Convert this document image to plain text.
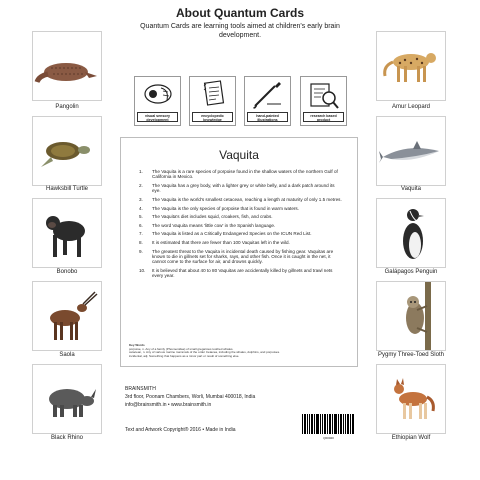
About Quantum Cards
Quantum Cards are learning tools aimed at children's early brain development.
Pangolin
Hawksbill Turtle
Bonobo
Saola
Black Rhino
Amur Leopard
Vaquita
Galápagos Penguin
Pygmy Three-Toed Sloth
Ethiopian Wolf
visual sensory development
encyclopedic knowledge
hand-painted illustrations
research based product
Vaquita
1. The Vaquita is a rare species of porpoise found in the shallow waters of the northern Gulf of California in Mexico.
2. The Vaquita has a grey body, with a lighter grey or white belly, and a dark patch around its eye.
3. The Vaquita is the world's smallest cetacean, reaching a length at maturity of only 1.5 metres.
4. The Vaquita is the only species of porpoise that is found in warm waters.
5. The Vaquita's diet includes squid, croakers, fish, and crabs.
6. The word Vaquita means 'little cow' in the Spanish language.
7. The Vaquita is listed as a Critically Endangered Species on the ICUN Red List.
8. It is estimated that there are fewer than 100 Vaquitas left in the wild.
9. The greatest threat to the Vaquita is incidental death caused by fishing gear. Vaquitas are known to die in gillnets set for sharks, rays, and other fish. Once it is caught in the net, it cannot come to the surface for air, and drowns quickly.
10. It is believed that about 40 to 80 Vaquitas are accidentally killed by gillnets and trawl nets every year.
Key Words
porpoise, n. Any of a family (Phocoenidae) of small gregarious toothed whales.
cetacean, n. Any of various marine mammals of the order Cetacea, including the whales, dolphins, and porpoises.
incidental, adj. Something that happens as a minor part or result of something else.
BRAINSMITH
3rd floor, Poonam Chambers, Worli, Mumbai 400018, India
info@brainsmith.in • www.brainsmith.in
Text and Artwork Copyright® 2016 • Made in India
Q00020
